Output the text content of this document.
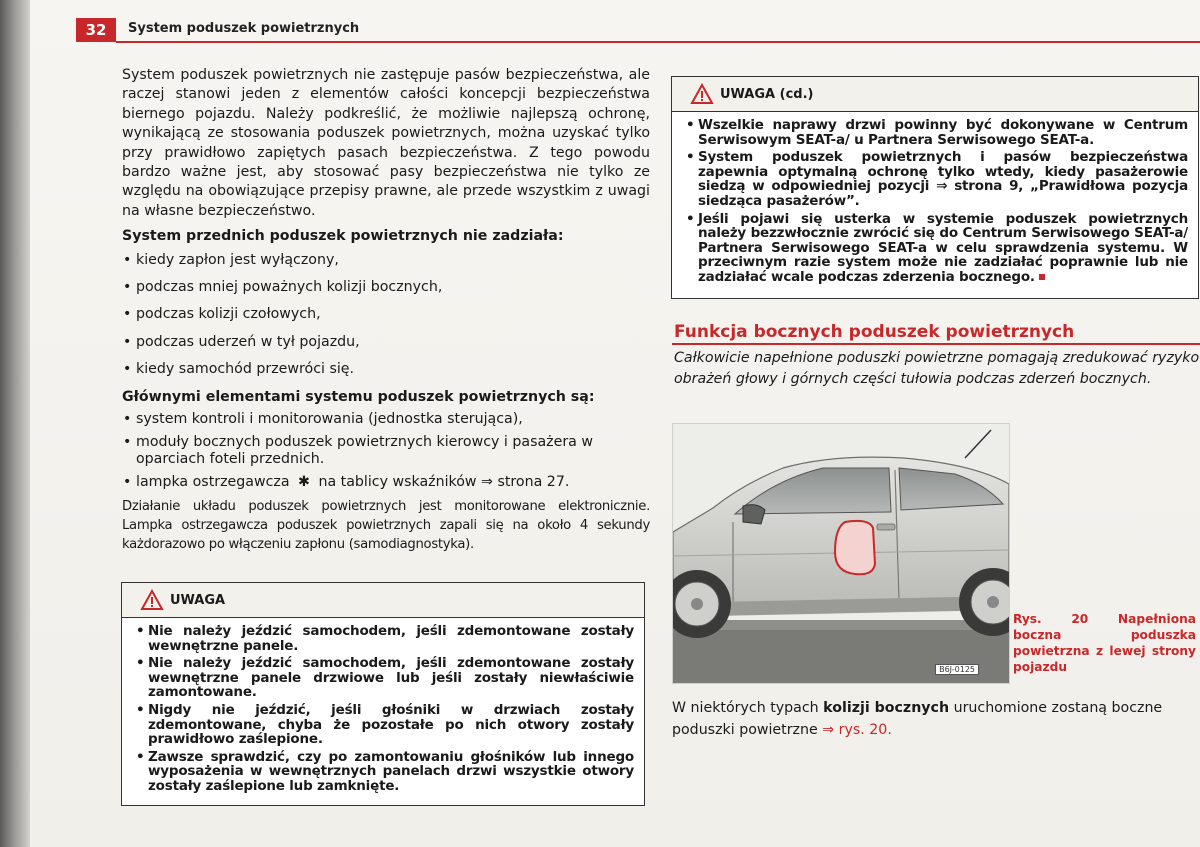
32	System poduszek powietrznych

System poduszek powietrznych nie zastępuje pasów bezpieczeństwa, ale raczej stanowi jeden z elementów całości koncepcji bezpieczeństwa biernego pojazdu. Należy podkreślić, że możliwie najlepszą ochronę, wynikającą ze stosowania poduszek powietrznych, można uzyskać tylko przy prawidłowo zapiętych pasach bezpieczeństwa. Z tego powodu bardzo ważne jest, aby stosować pasy bezpieczeństwa nie tylko ze względu na obowiązujące przepisy prawne, ale przede wszystkim z uwagi na własne bezpieczeństwo.

System przednich poduszek powietrznych nie zadziała:
• kiedy zapłon jest wyłączony,
• podczas mniej poważnych kolizji bocznych,
• podczas kolizji czołowych,
• podczas uderzeń w tył pojazdu,
• kiedy samochód przewróci się.
Głównymi elementami systemu poduszek powietrznych są:
• system kontroli i monitorowania (jednostka sterująca),
• moduły bocznych poduszek powietrznych kierowcy i pasażera w oparciach foteli przednich.
• lampka ostrzegawcza ✱ na tablicy wskaźników ⇒ strona 27.

Działanie układu poduszek powietrznych jest monitorowane elektronicznie. Lampka ostrzegawcza poduszek powietrznych zapali się na około 4 sekundy każdorazowo po włączeniu zapłonu (samodiagnostyka).

UWAGA
• Nie należy jeździć samochodem, jeśli zdemontowane zostały wewnętrzne panele.
• Nie należy jeździć samochodem, jeśli zdemontowane zostały wewnętrzne panele drzwiowe lub jeśli zostały niewłaściwie zamontowane.
• Nigdy nie jeździć, jeśli głośniki w drzwiach zostały zdemontowane, chyba że pozostałe po nich otwory zostały prawidłowo zaślepione.
• Zawsze sprawdzić, czy po zamontowaniu głośników lub innego wyposażenia w wewnętrznych panelach drzwi wszystkie otwory zostały zaślepione lub zamknięte.
UWAGA (cd.)
• Wszelkie naprawy drzwi powinny być dokonywane w Centrum Serwisowym SEAT-a/ u Partnera Serwisowego SEAT-a.
• System poduszek powietrznych i pasów bezpieczeństwa zapewnia optymalną ochronę tylko wtedy, kiedy pasażerowie siedzą w odpowiedniej pozycji ⇒ strona 9, „Prawidłowa pozycja siedząca pasażerów”.
• Jeśli pojawi się usterka w systemie poduszek powietrznych należy bezzwłocznie zwrócić się do Centrum Serwisowego SEAT-a/ Partnera Serwisowego SEAT-a w celu sprawdzenia systemu. W przeciwnym razie system może nie zadziałać poprawnie lub nie zadziałać wcale podczas zderzenia bocznego.
Funkcja bocznych poduszek powietrznych
Całkowicie napełnione poduszki powietrzne pomagają zredukować ryzyko obrażeń głowy i górnych części tułowia podczas zderzeń bocznych.
B6J-0125
Rys. 20 Napełniona boczna poduszka powietrzna z lewej strony pojazdu
W niektórych typach kolizji bocznych uruchomione zostaną boczne poduszki powietrzne ⇒ rys. 20.
